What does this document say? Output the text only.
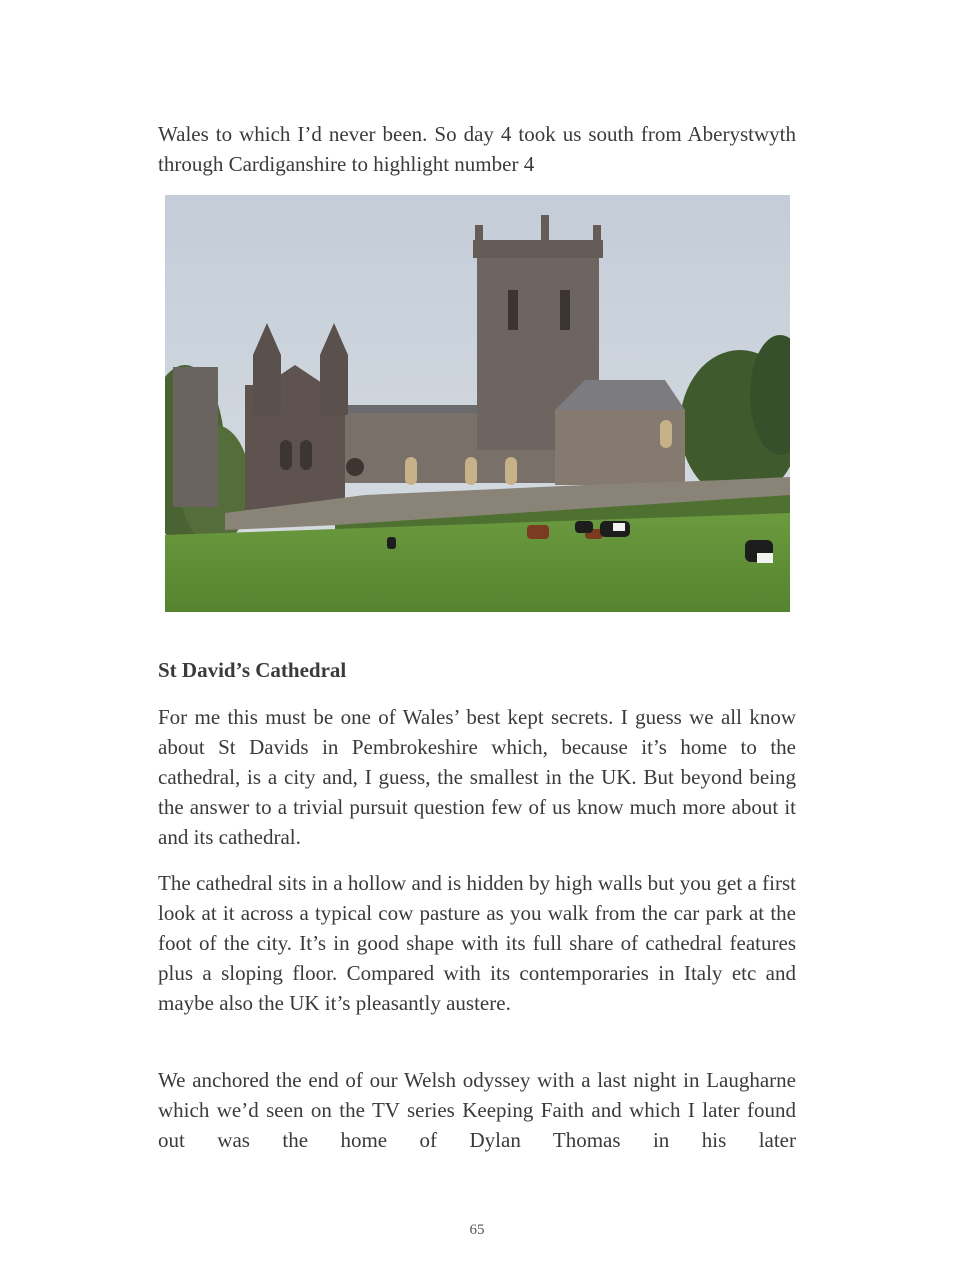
Wales to which I’d never been. So day 4 took us south from Aberystwyth through Cardiganshire to highlight number 4

St David’s Cathedral

For me this must be one of Wales’ best kept secrets. I guess we all know about St Davids in Pembrokeshire which, because it’s home to the cathedral, is a city and, I guess, the smallest in the UK. But beyond being the answer to a trivial pursuit question few of us know much more about it and its cathedral.

The cathedral sits in a hollow and is hidden by high walls but you get a first look at it across a typical cow pasture as you walk from the car park at the foot of the city. It’s in good shape with its full share of cathedral features plus a sloping floor. Compared with its contemporaries in Italy etc and maybe also the UK it’s pleasantly austere.

We anchored the end of our Welsh odyssey with a last night in Laugharne which we’d seen on the TV series Keeping Faith and which I later found out was the home of Dylan Thomas in his later

65
